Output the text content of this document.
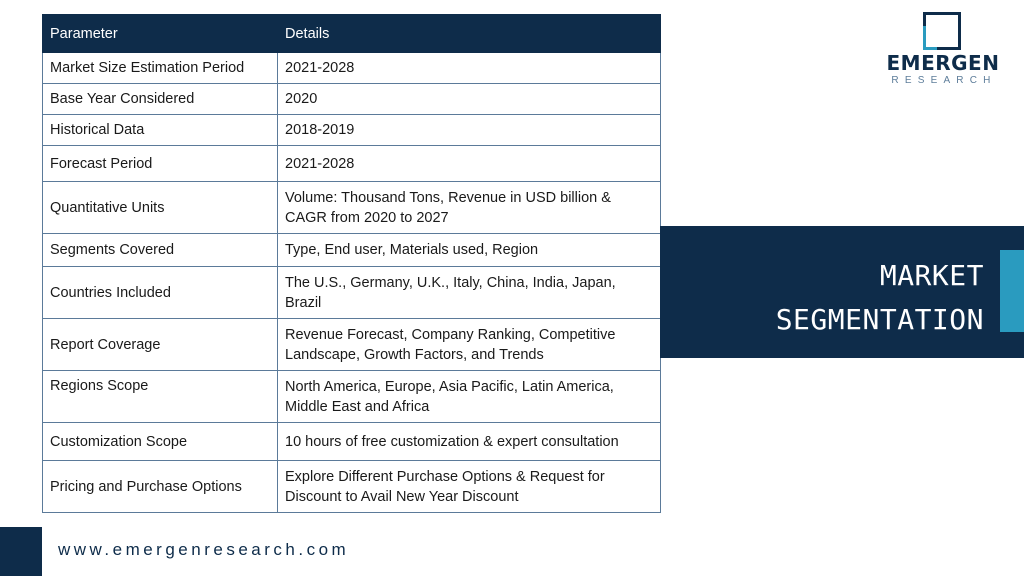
Parameter	Details
Market Size Estimation Period	2021-2028
Base Year Considered	2020
Historical Data	2018-2019
Forecast Period	2021-2028
Quantitative Units	Volume: Thousand Tons, Revenue in USD billion & CAGR from 2020 to 2027
Segments Covered	Type, End user, Materials used, Region
Countries Included	The U.S., Germany, U.K., Italy, China, India, Japan, Brazil
Report Coverage	Revenue Forecast, Company Ranking, Competitive Landscape, Growth Factors, and Trends
Regions Scope	North America, Europe, Asia Pacific, Latin America, Middle East and Africa
Customization Scope	10 hours of free customization & expert consultation
Pricing and Purchase Options	Explore Different Purchase Options & Request for Discount to Avail New Year Discount
EMERGEN
RESEARCH
MARKET
SEGMENTATION
www.emergenresearch.com
